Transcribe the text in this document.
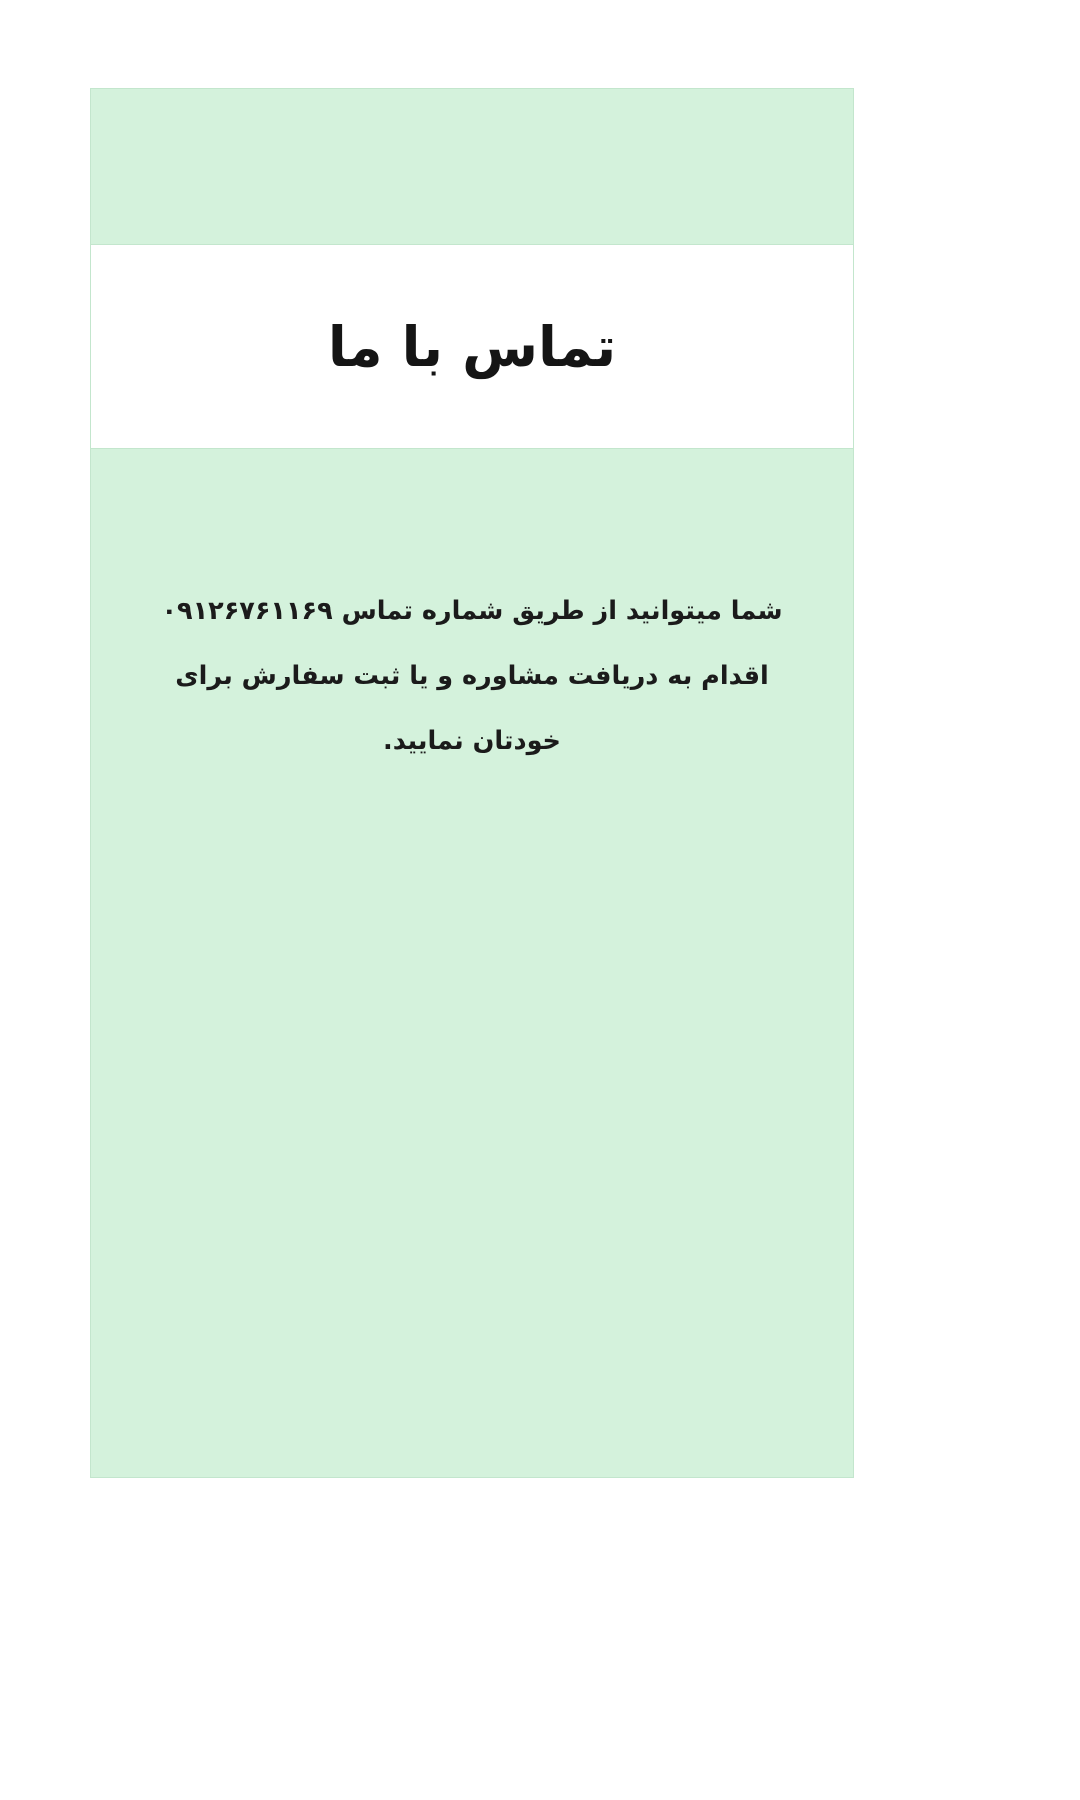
تماس با ما

شما میتوانید از طریق شماره تماس ۰۹۱۲۶۷۶۱۱۶۹ اقدام به دریافت مشاوره و یا ثبت سفارش برای خودتان نمایید.
